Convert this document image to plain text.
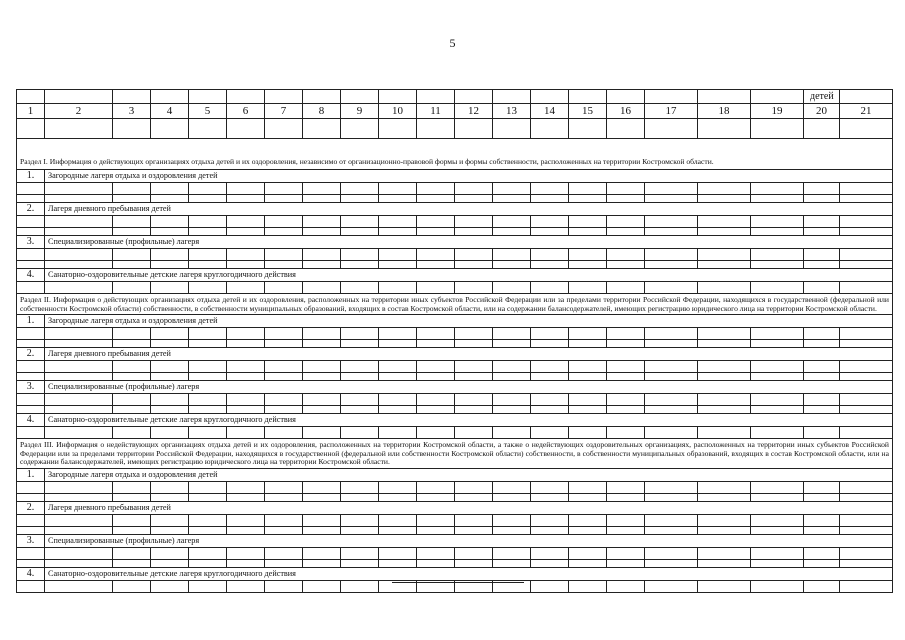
5
																			детей	
1	2	3	4	5	6	7	8	9	10	11	12	13	14	15	16	17	18	19	20	21

Раздел I. Информация о действующих организациях отдыха детей и их оздоровления, независимо от организационно-правовой формы и формы собственности, расположенных на территории Костромской области.																				
1.	Загородные лагеря отдыха и оздоровления детей																			

2.	Лагеря дневного пребывания детей																			

3.	Специализированные (профильные) лагеря																			

4.	Санаторно-оздоровительные детские лагеря круглогодичного действия																			

Раздел II. Информация о действующих организациях отдыха детей и их оздоровления, расположенных на территории иных субъектов Российской Федерации или за пределами территории Российской Федерации, находящихся в государственной (федеральной или собственности Костромской области) собственности, в собственности муниципальных образований, входящих в состав Костромской области, или на содержании балансодержателей, имеющих регистрацию юридического лица на территории Костромской области.																				
1.	Загородные лагеря отдыха и оздоровления детей																			

2.	Лагеря дневного пребывания детей																			

3.	Специализированные (профильные) лагеря																			

4.	Санаторно-оздоровительные детские лагеря круглогодичного действия																			

Раздел III. Информация о недействующих организациях отдыха детей и их оздоровления, расположенных на территории Костромской области, а также о недействующих оздоровительных организациях, расположенных на территории иных субъектов Российской Федерации или за пределами территории Российской Федерации, находящихся в государственной (федеральной или собственности Костромской области) собственности, в собственности муниципальных образований, входящих в состав Костромской области, или на содержании балансодержателей, имеющих регистрацию юридического лица на территории Костромской области.																				
1.	Загородные лагеря отдыха и оздоровления детей																			

2.	Лагеря дневного пребывания детей																			

3.	Специализированные (профильные) лагеря																			

4.	Санаторно-оздоровительные детские лагеря круглогодичного действия																			
